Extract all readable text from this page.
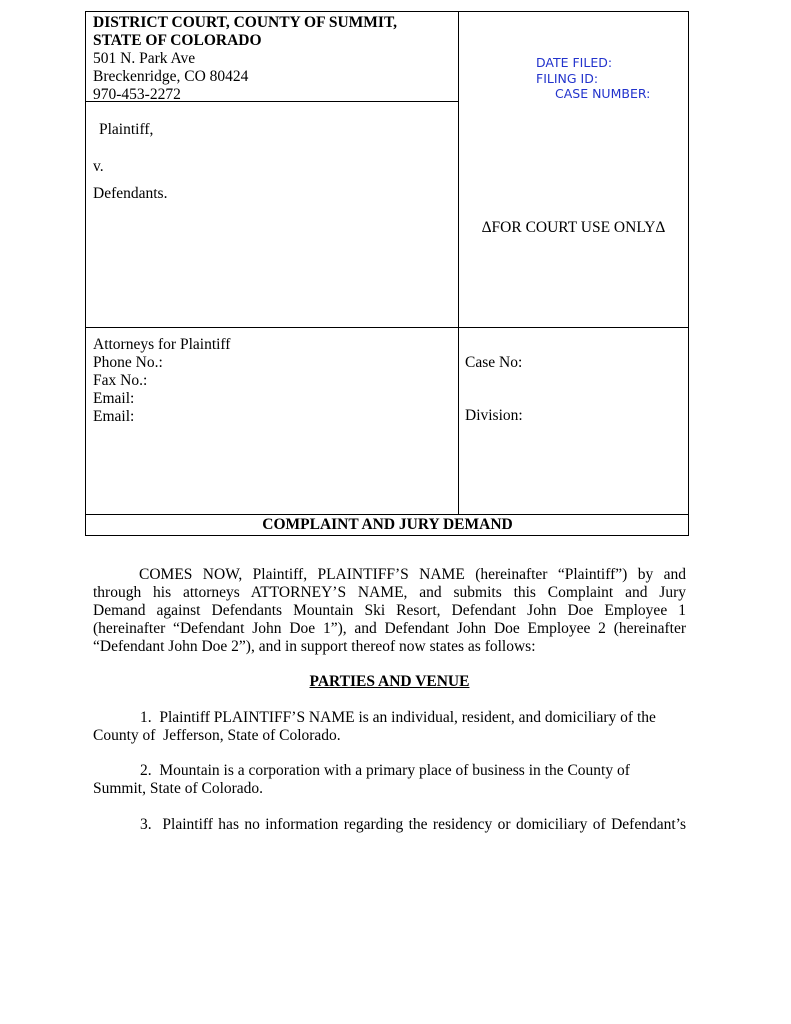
DISTRICT COURT, COUNTY OF SUMMIT,
STATE OF COLORADO
501 N. Park Ave
Breckenridge, CO 80424
970-453-2272
Plaintiff,
v.
Defendants.
DATE FILED:
FILING ID:
CASE NUMBER:
ΔFOR COURT USE ONLYΔ
Attorneys for Plaintiff
Phone No.:
Fax No.:
Email:
Email:
Case No:
Division:
COMPLAINT AND JURY DEMAND
COMES NOW, Plaintiff, PLAINTIFF’S NAME (hereinafter “Plaintiff”) by and
through his attorneys ATTORNEY’S NAME, and submits this Complaint and Jury
Demand against Defendants Mountain Ski Resort, Defendant John Doe Employee 1
(hereinafter “Defendant John Doe 1”), and Defendant John Doe Employee 2 (hereinafter
“Defendant John Doe 2”), and in support thereof now states as follows:
PARTIES AND VENUE
1. Plaintiff PLAINTIFF’S NAME is an individual, resident, and domiciliary of the
County of  Jefferson, State of Colorado.
2. Mountain is a corporation with a primary place of business in the County of
Summit, State of Colorado.
3. Plaintiff has no information regarding the residency or domiciliary of Defendant’s
